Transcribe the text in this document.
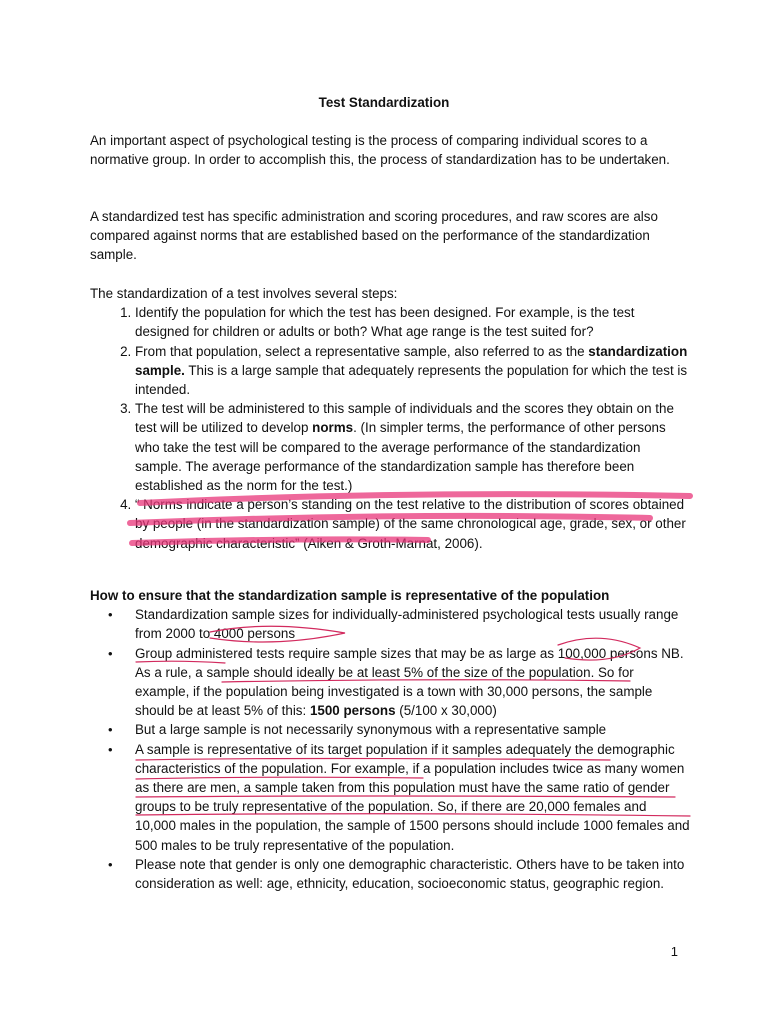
Test Standardization

An important aspect of psychological testing is the process of comparing individual scores to a normative group. In order to accomplish this, the process of standardization has to be undertaken.

A standardized test has specific administration and scoring procedures, and raw scores are also compared against norms that are established based on the performance of the standardization sample.

The standardization of a test involves several steps:

1. Identify the population for which the test has been designed. For example, is the test designed for children or adults or both? What age range is the test suited for?
2. From that population, select a representative sample, also referred to as the standardization sample. This is a large sample that adequately represents the population for which the test is intended.
3. The test will be administered to this sample of individuals and the scores they obtain on the test will be utilized to develop norms. (In simpler terms, the performance of other persons who take the test will be compared to the average performance of the standardization sample. The average performance of the standardization sample has therefore been established as the norm for the test.)
4. “ Norms indicate a person’s standing on the test relative to the distribution of scores obtained by people (in the standardization sample) of the same chronological age, grade, sex, or other demographic characteristic” (Aiken & Groth-Marnat, 2006).
How to ensure that the standardization sample is representative of the population
• Standardization sample sizes for individually-administered psychological tests usually range from 2000 to 4000 persons
• Group administered tests require sample sizes that may be as large as 100,000 persons NB. As a rule, a sample should ideally be at least 5% of the size of the population. So for example, if the population being investigated is a town with 30,000 persons, the sample should be at least 5% of this: 1500 persons (5/100 x 30,000)
• But a large sample is not necessarily synonymous with a representative sample
• A sample is representative of its target population if it samples adequately the demographic characteristics of the population. For example, if a population includes twice as many women as there are men, a sample taken from this population must have the same ratio of gender groups to be truly representative of the population. So, if there are 20,000 females and 10,000 males in the population, the sample of 1500 persons should include 1000 females and 500 males to be truly representative of the population.
• Please note that gender is only one demographic characteristic. Others have to be taken into consideration as well: age, ethnicity, education, socioeconomic status, geographic region.
1
